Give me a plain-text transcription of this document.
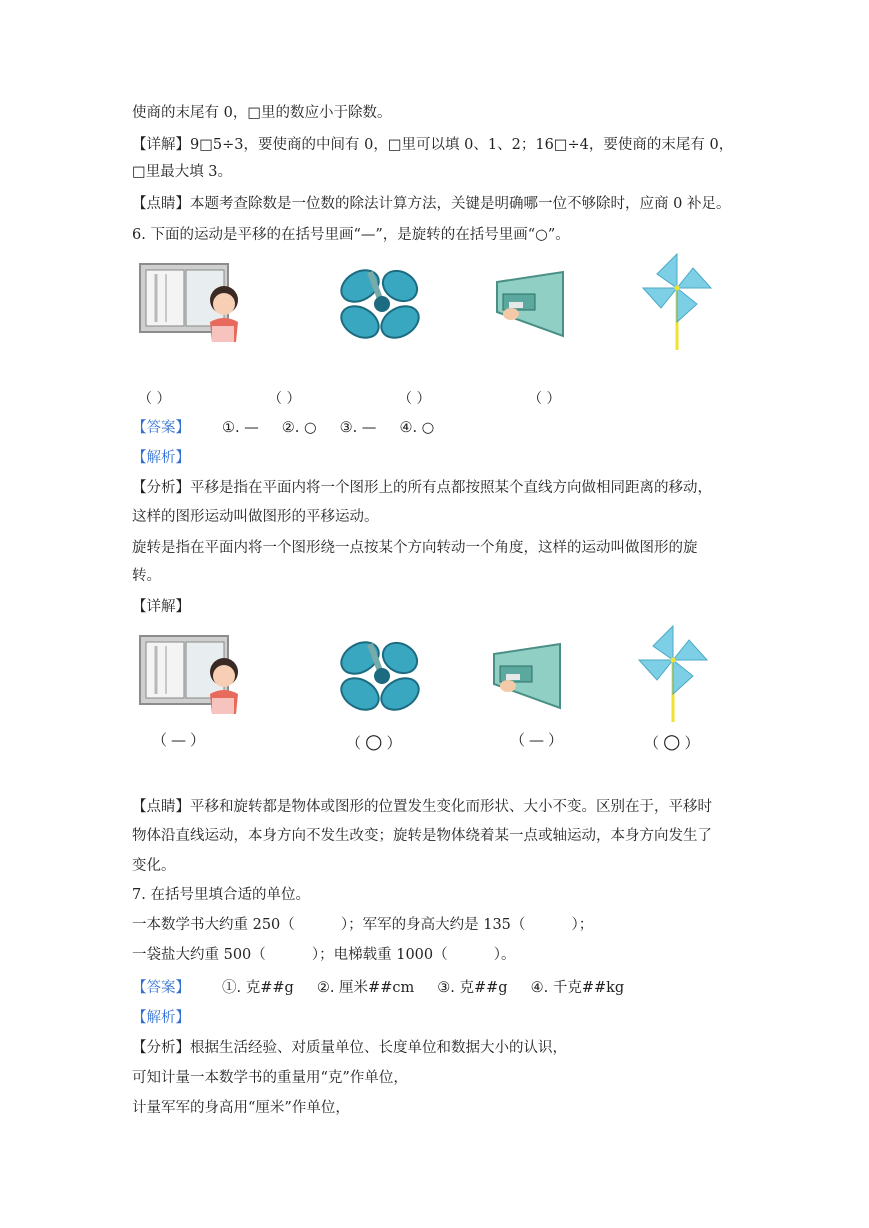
使商的末尾有 0，□里的数应小于除数。
【详解】9□5÷3，要使商的中间有 0，□里可以填 0、1、2；16□÷4，要使商的末尾有 0，
□里最大填 3。
【点睛】本题考查除数是一位数的除法计算方法，关键是明确哪一位不够除时，应商 0 补足。
6. 下面的运动是平移的在括号里画“—”，是旋转的在括号里画“○”。
（ ）	（ ）	（ ）	（ ）
【答案】 ①. —     ②. ○     ③. —     ④. ○
【解析】
【分析】平移是指在平面内将一个图形上的所有点都按照某个直线方向做相同距离的移动，
这样的图形运动叫做图形的平移运动。
旋转是指在平面内将一个图形绕一点按某个方向转动一个角度，这样的运动叫做图形的旋
转。
【详解】
（ — ）	（ ○ ）	（ — ）	（ ○ ）
【点睛】平移和旋转都是物体或图形的位置发生变化而形状、大小不变。区别在于，平移时
物体沿直线运动，本身方向不发生改变；旋转是物体绕着某一点或轴运动，本身方向发生了
变化。
7. 在括号里填合适的单位。
一本数学书大约重 250（          ）；军军的身高大约是 135（          ）；
一袋盐大约重 500（          ）；电梯载重 1000（          ）。
【答案】 ①. 克##g     ②. 厘米##cm     ③. 克##g     ④. 千克##kg
【解析】
【分析】根据生活经验、对质量单位、长度单位和数据大小的认识，
可知计量一本数学书的重量用“克”作单位，
计量军军的身高用“厘米”作单位，
